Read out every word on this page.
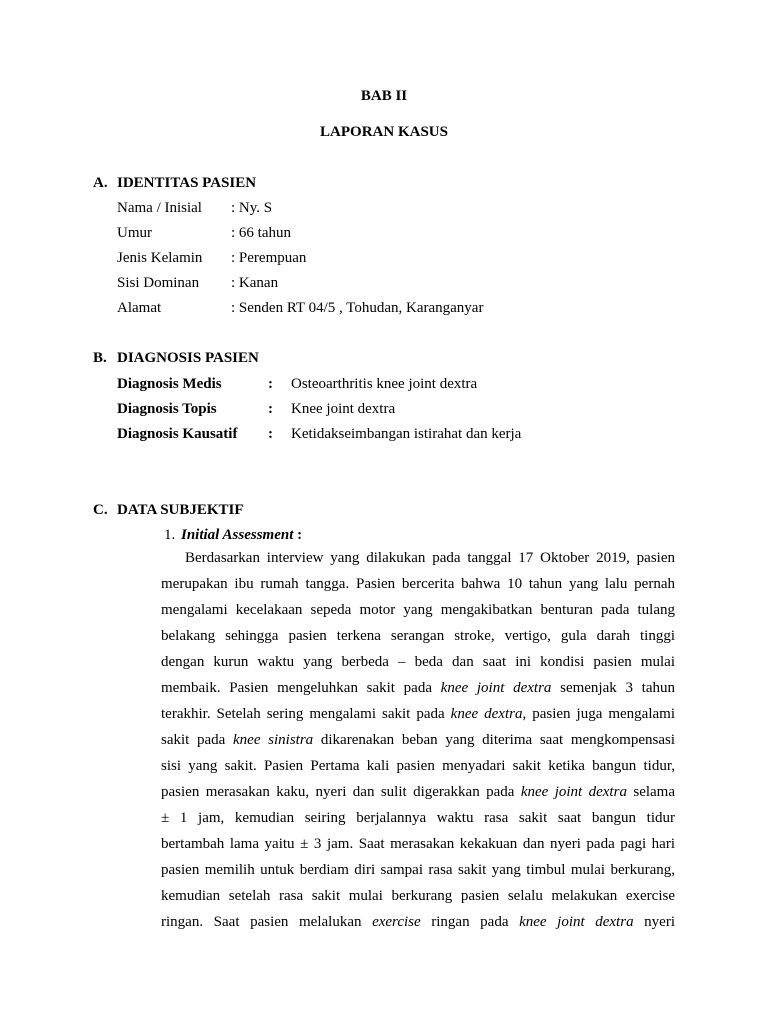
BAB II
LAPORAN KASUS
A. IDENTITAS PASIEN
Nama / Inisial : Ny. S
Umur	: 66 tahun
Jenis Kelamin : Perempuan
Sisi Dominan : Kanan
Alamat	: Senden RT 04/5 , Tohudan, Karanganyar
B. DIAGNOSIS PASIEN
Diagnosis Medis	: Osteoarthritis knee joint dextra
Diagnosis Topis	: Knee joint dextra
Diagnosis Kausatif : Ketidakseimbangan istirahat dan kerja
C. DATA SUBJEKTIF
1. Initial Assessment :
Berdasarkan interview yang dilakukan pada tanggal 17 Oktober 2019, pasien
merupakan ibu rumah tangga. Pasien bercerita bahwa 10 tahun yang lalu pernah
mengalami kecelakaan sepeda motor yang mengakibatkan benturan pada tulang
belakang sehingga pasien terkena serangan stroke, vertigo, gula darah tinggi
dengan kurun waktu yang berbeda – beda dan saat ini kondisi pasien mulai
membaik. Pasien mengeluhkan sakit pada knee joint dextra semenjak 3 tahun
terakhir. Setelah sering mengalami sakit pada knee dextra, pasien juga mengalami
sakit pada knee sinistra dikarenakan beban yang diterima saat mengkompensasi
sisi yang sakit. Pasien Pertama kali pasien menyadari sakit ketika bangun tidur,
pasien merasakan kaku, nyeri dan sulit digerakkan pada knee joint dextra selama
± 1 jam, kemudian seiring berjalannya waktu rasa sakit saat bangun tidur
bertambah lama yaitu ± 3 jam. Saat merasakan kekakuan dan nyeri pada pagi hari
pasien memilih untuk berdiam diri sampai rasa sakit yang timbul mulai berkurang,
kemudian setelah rasa sakit mulai berkurang pasien selalu melakukan exercise
ringan. Saat pasien melalukan exercise ringan pada knee joint dextra nyeri
